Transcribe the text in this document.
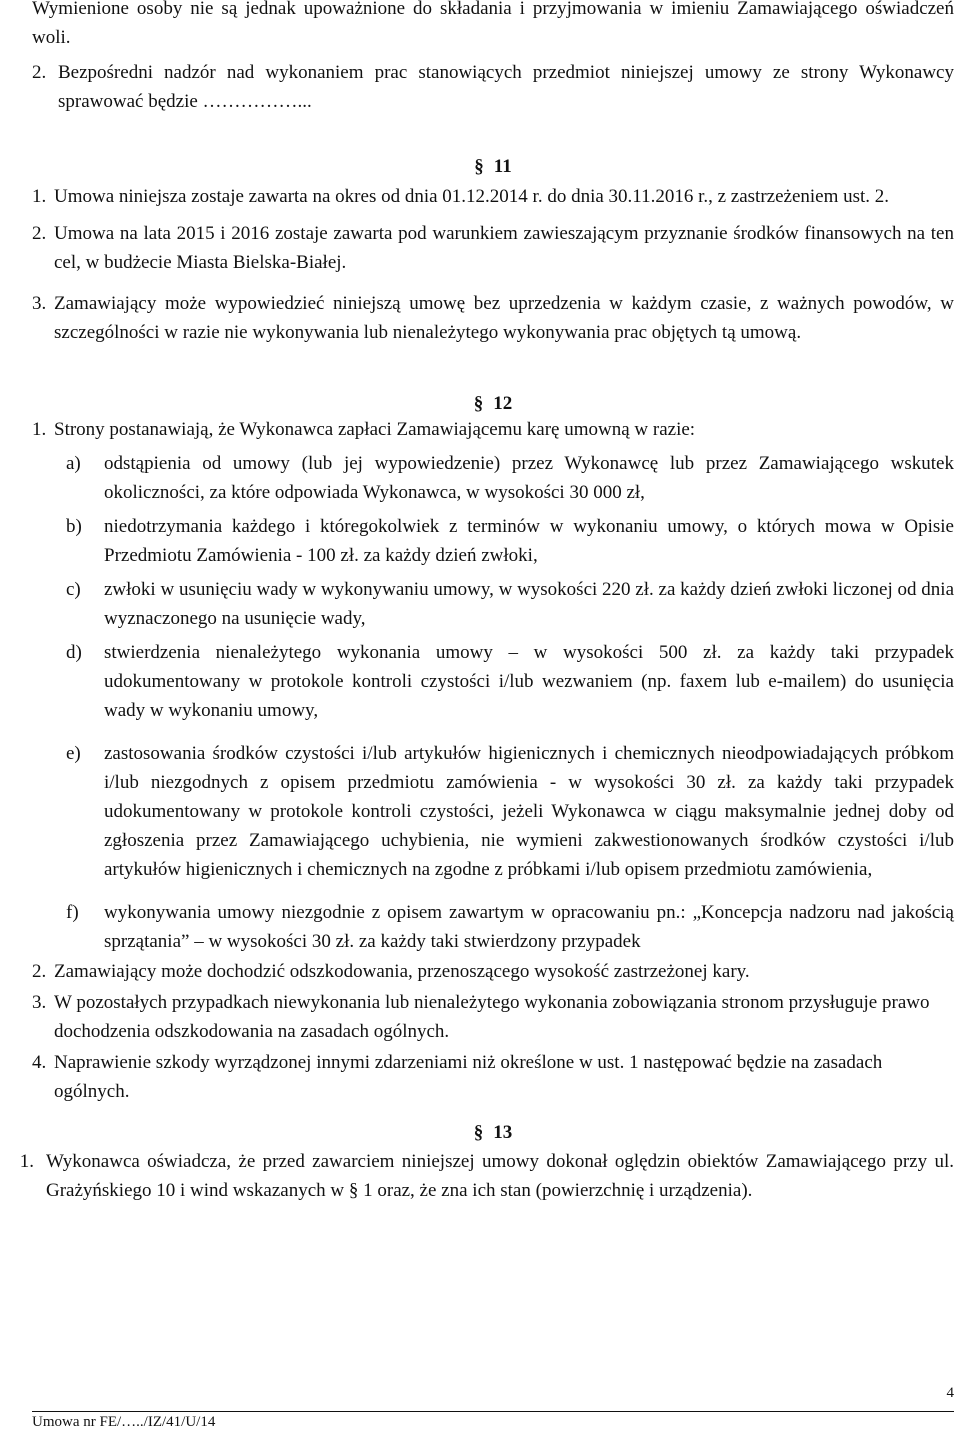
Wymienione osoby nie są jednak upoważnione do składania i przyjmowania w imieniu Zamawiającego oświadczeń woli.

2. Bezpośredni nadzór nad wykonaniem prac stanowiących przedmiot niniejszej umowy ze strony Wykonawcy sprawować będzie ……………...
§ 11
1. Umowa niniejsza zostaje zawarta na okres od dnia 01.12.2014 r. do dnia 30.11.2016 r., z zastrzeżeniem ust. 2.
2. Umowa na lata 2015 i 2016 zostaje zawarta pod warunkiem zawieszającym przyznanie środków finansowych na ten cel, w budżecie Miasta Bielska-Białej.
3. Zamawiający może wypowiedzieć niniejszą umowę bez uprzedzenia w każdym czasie, z ważnych powodów, w szczególności w razie nie wykonywania lub nienależytego wykonywania prac objętych tą umową.
§ 12
1. Strony postanawiają, że Wykonawca zapłaci Zamawiającemu karę umowną w razie:
a)	odstąpienia od umowy (lub jej wypowiedzenie) przez Wykonawcę lub przez Zamawiającego wskutek okoliczności, za które odpowiada Wykonawca, w wysokości 30 000 zł,
b)	niedotrzymania każdego i któregokolwiek z terminów w wykonaniu umowy, o których mowa w Opisie Przedmiotu Zamówienia - 100 zł. za każdy dzień zwłoki,
c)	zwłoki w usunięciu wady w wykonywaniu umowy, w wysokości 220 zł. za każdy dzień zwłoki liczonej od dnia wyznaczonego na usunięcie wady,
d)	stwierdzenia nienależytego wykonania umowy – w wysokości 500 zł. za każdy taki przypadek udokumentowany w protokole kontroli czystości i/lub wezwaniem (np. faxem lub e-mailem) do usunięcia wady w wykonaniu umowy,
e)	zastosowania środków czystości i/lub artykułów higienicznych i chemicznych nieodpowiadających próbkom i/lub niezgodnych z opisem przedmiotu zamówienia - w wysokości 30 zł. za każdy taki przypadek udokumentowany w protokole kontroli czystości, jeżeli Wykonawca w ciągu maksymalnie jednej doby od zgłoszenia przez Zamawiającego uchybienia, nie wymieni zakwestionowanych środków czystości i/lub artykułów higienicznych i chemicznych na zgodne z próbkami i/lub opisem przedmiotu zamówienia,
f)	wykonywania umowy niezgodnie z opisem zawartym w opracowaniu pn.: „Koncepcja nadzoru nad jakością sprzątania” – w wysokości 30 zł. za każdy taki stwierdzony przypadek
2. Zamawiający może dochodzić odszkodowania, przenoszącego wysokość zastrzeżonej kary.
3. W pozostałych przypadkach niewykonania lub nienależytego wykonania zobowiązania stronom przysługuje prawo dochodzenia odszkodowania na zasadach ogólnych.
4. Naprawienie szkody wyrządzonej innymi zdarzeniami niż określone w ust. 1 następować będzie na zasadach ogólnych.
§ 13
1. Wykonawca oświadcza, że przed zawarciem niniejszej umowy dokonał oględzin obiektów Zamawiającego przy ul. Grażyńskiego 10 i wind wskazanych w § 1 oraz, że zna ich stan (powierzchnię i urządzenia).
4
Umowa nr FE/…../IZ/41/U/14
